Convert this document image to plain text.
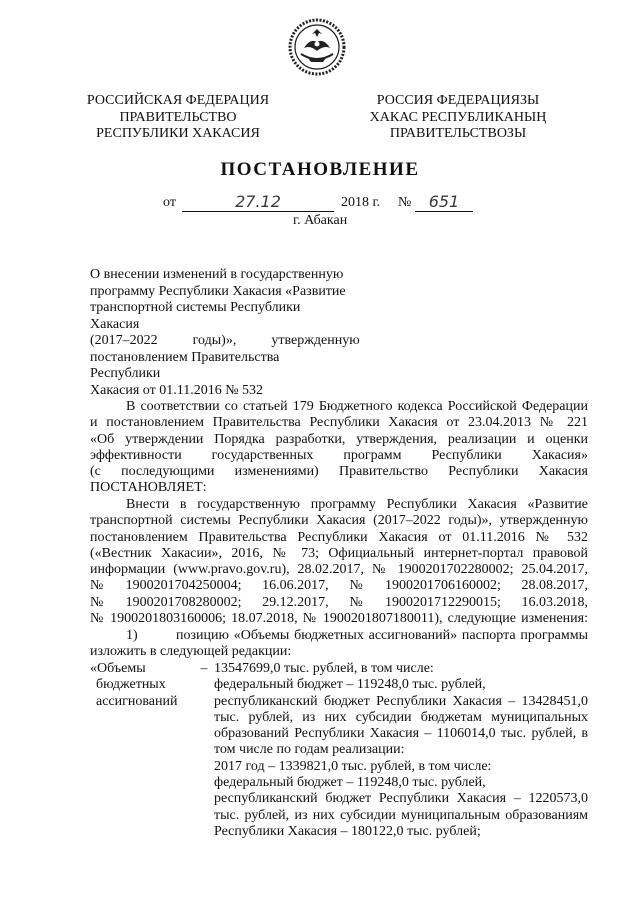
РОССИЙСКАЯ ФЕДЕРАЦИЯ
ПРАВИТЕЛЬСТВО
РЕСПУБЛИКИ ХАКАСИЯ
РОССИЯ ФЕДЕРАЦИЯЗЫ
ХАКАС РЕСПУБЛИКАНЫҢ
ПРАВИТЕЛЬСТВОЗЫ
ПОСТАНОВЛЕНИЕ
от	27.12	2018 г. №	651
г. Абакан
О внесении изменений в государственную
программу Республики Хакасия «Развитие
транспортной системы Республики Хакасия
(2017–2022          годы)»,          утвержденную
постановлением Правительства Республики
Хакасия от 01.11.2016 № 532
В соответствии со статьей 179 Бюджетного кодекса Российской Федерации
и постановлением Правительства Республики Хакасия от 23.04.2013 № 221
«Об утверждении Порядка разработки, утверждения, реализации и оценки
эффективности      государственных      программ      Республики      Хакасия»
(с   последующими   изменениями)   Правительство   Республики   Хакасия
ПОСТАНОВЛЯЕТ:
Внести в государственную программу Республики Хакасия «Развитие
транспортной системы Республики Хакасия (2017–2022 годы)», утвержденную
постановлением Правительства Республики Хакасия от 01.11.2016 № 532
(«Вестник Хакасии», 2016, № 73; Официальный интернет-портал правовой
информации (www.pravo.gov.ru), 28.02.2017, № 1900201702280002; 25.04.2017,
№    1900201704250004;    16.06.2017,    №    1900201706160002;    28.08.2017,
№    1900201708280002;    29.12.2017,    №    1900201712290015;    16.03.2018,
№ 1900201803160006; 18.07.2018, № 1900201807180011), следующие изменения:
1)        позицию «Объемы бюджетных ассигнований» паспорта программы
изложить в следующей редакции:
«Объемы
бюджетных
ассигнований
	–	13547699,0 тыс. рублей, в том числе:
федеральный бюджет – 119248,0 тыс. рублей,
республиканский бюджет Республики Хакасия – 13428451,0
тыс. рублей, из них субсидии бюджетам муниципальных
образований Республики Хакасия – 1106014,0 тыс. рублей, в
том числе по годам реализации:
2017 год – 1339821,0 тыс. рублей, в том числе:
федеральный бюджет – 119248,0 тыс. рублей,
республиканский бюджет Республики Хакасия – 1220573,0
тыс. рублей, из них субсидии муниципальным образованиям
Республики Хакасия – 180122,0 тыс. рублей;
